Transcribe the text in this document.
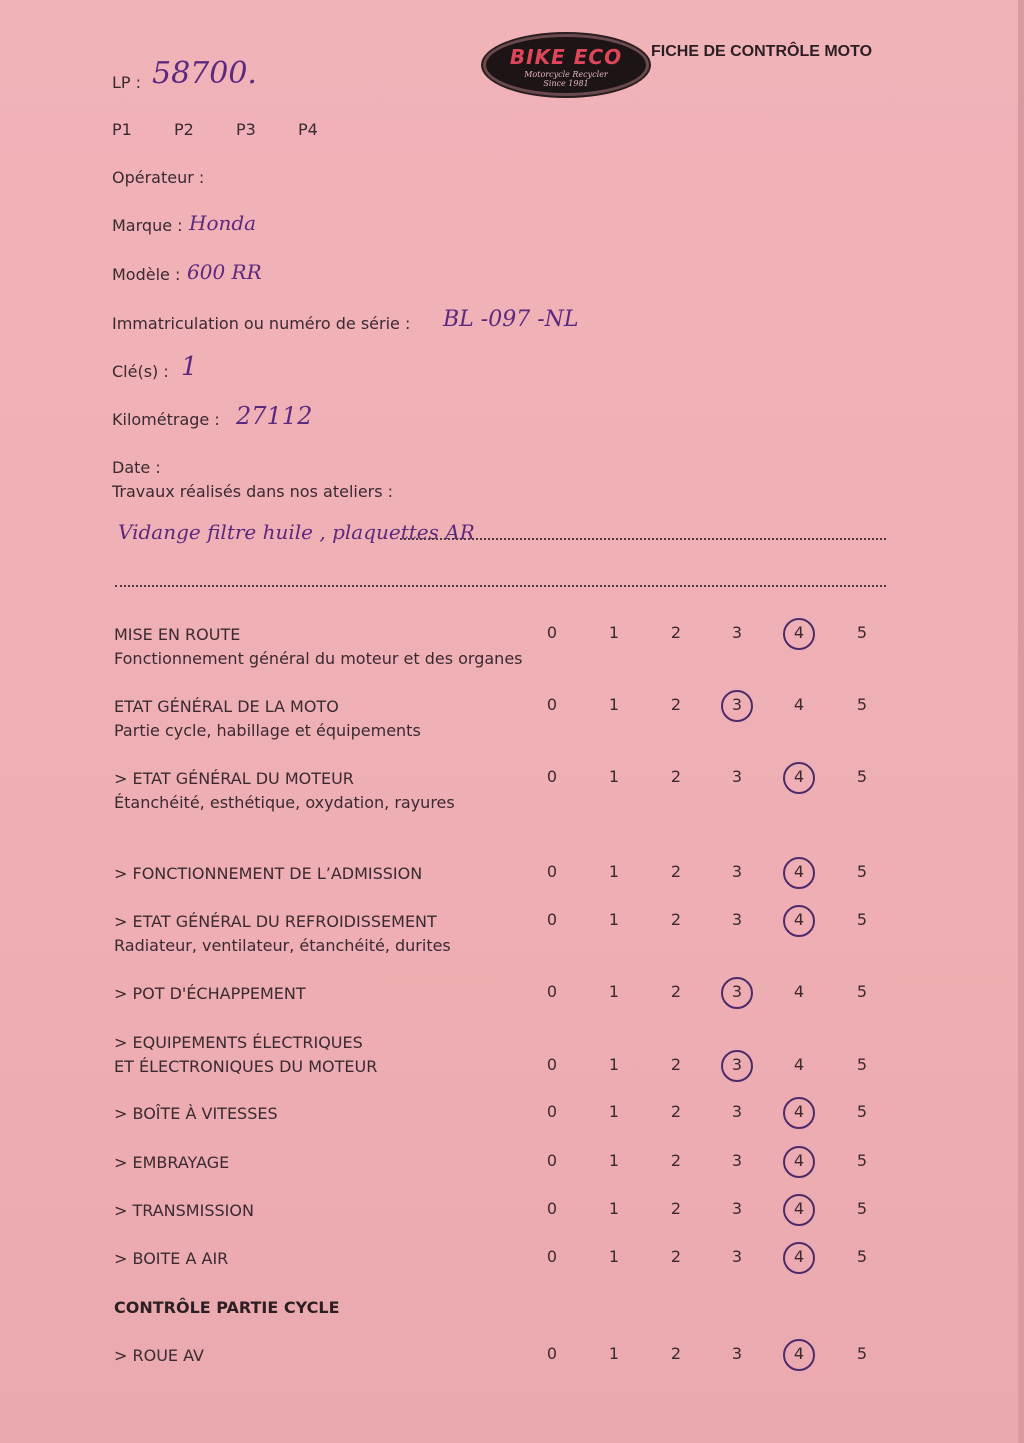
BIKE ECO
Motorcycle Recycler
Since 1981
FICHE DE CONTRÔLE MOTO
LP : 58700.
P1	P2	P3	P4
Opérateur :
Marque : Honda
Modèle : 600 RR
Immatriculation ou numéro de série : BL -097 -NL
Clé(s) : 1
Kilométrage : 27112
Date :
Travaux réalisés dans nos ateliers :
Vidange filtre huile , plaquettes AR
MISE EN ROUTE
Fonctionnement général du moteur et des organes
0	1	2	3	4	5
ETAT GÉNÉRAL DE LA MOTO
Partie cycle, habillage et équipements
0	1	2	3	4	5
> ETAT GÉNÉRAL DU MOTEUR
Étanchéité, esthétique, oxydation, rayures
0	1	2	3	4	5
> FONCTIONNEMENT DE L’ADMISSION	0	1	2	3	4	5
> ETAT GÉNÉRAL DU REFROIDISSEMENT
Radiateur, ventilateur, étanchéité, durites
0	1	2	3	4	5
> POT D'ÉCHAPPEMENT	0	1	2	3	4	5
> EQUIPEMENTS ÉLECTRIQUES
ET ÉLECTRONIQUES DU MOTEUR	0	1	2	3	4	5
> BOÎTE À VITESSES	0	1	2	3	4	5
> EMBRAYAGE	0	1	2	3	4	5
> TRANSMISSION	0	1	2	3	4	5
> BOITE A AIR	0	1	2	3	4	5
CONTRÔLE PARTIE CYCLE
> ROUE AV	0	1	2	3	4	5
